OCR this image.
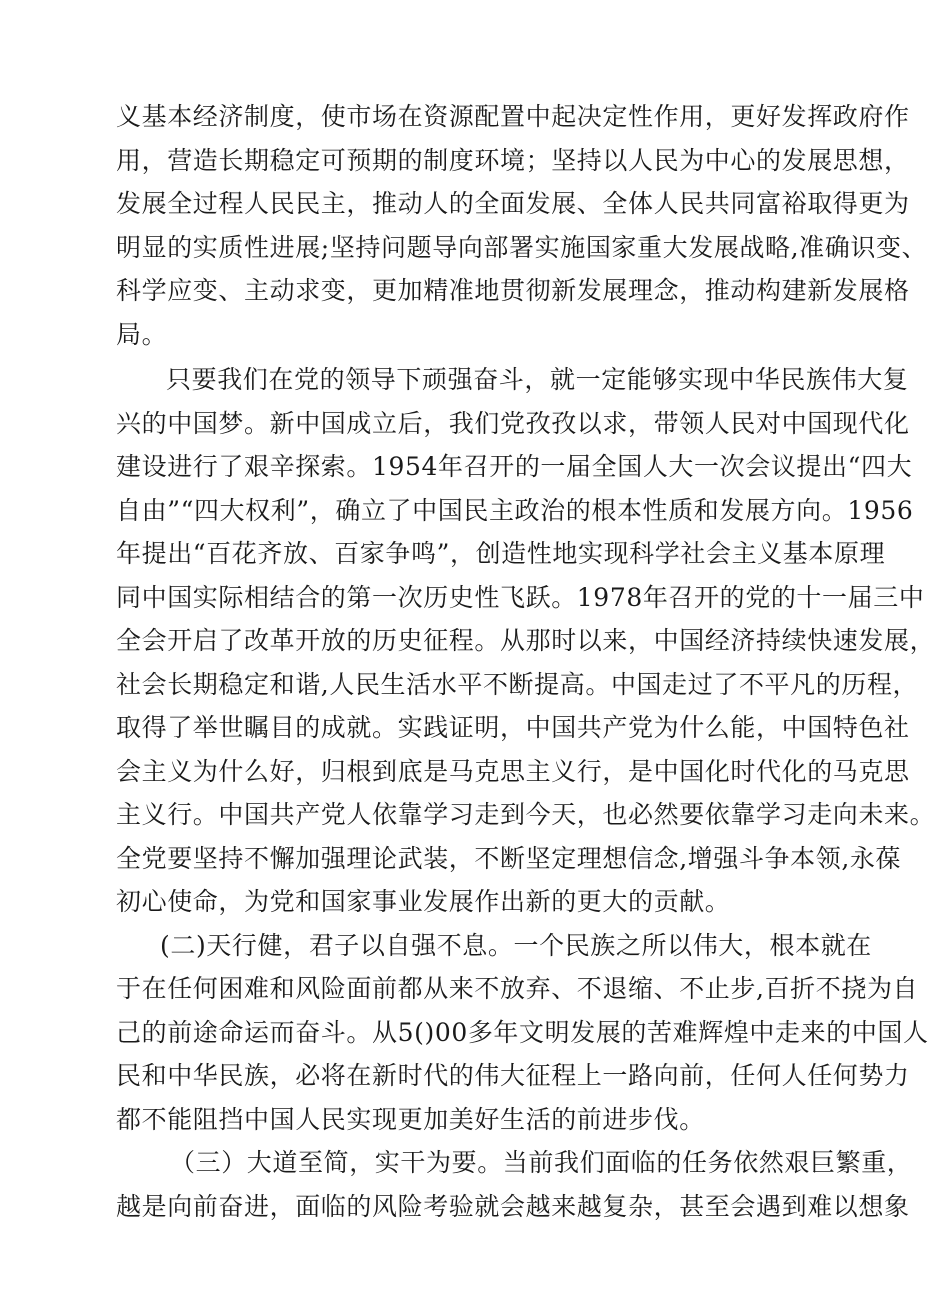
义基本经济制度，使市场在资源配置中起决定性作用，更好发挥政府作
用，营造长期稳定可预期的制度环境；坚持以人民为中心的发展思想，
发展全过程人民民主，推动人的全面发展、全体人民共同富裕取得更为
明显的实质性进展;坚持问题导向部署实施国家重大发展战略,准确识变、
科学应变、主动求变，更加精准地贯彻新发展理念，推动构建新发展格
局。
只要我们在党的领导下顽强奋斗，就一定能够实现中华民族伟大复
兴的中国梦。新中国成立后，我们党孜孜以求，带领人民对中国现代化
建设进行了艰辛探索。1954年召开的一届全国人大一次会议提出“四大
自由”“四大权利”，确立了中国民主政治的根本性质和发展方向。1956
年提出“百花齐放、百家争鸣”，创造性地实现科学社会主义基本原理
同中国实际相结合的第一次历史性飞跃。1978年召开的党的十一届三中
全会开启了改革开放的历史征程。从那时以来，中国经济持续快速发展，
社会长期稳定和谐,人民生活水平不断提高。中国走过了不平凡的历程，
取得了举世瞩目的成就。实践证明，中国共产党为什么能，中国特色社
会主义为什么好，归根到底是马克思主义行，是中国化时代化的马克思
主义行。中国共产党人依靠学习走到今天，也必然要依靠学习走向未来。
全党要坚持不懈加强理论武装，不断坚定理想信念,增强斗争本领,永葆
初心使命，为党和国家事业发展作出新的更大的贡献。
(二)天行健，君子以自强不息。一个民族之所以伟大，根本就在
于在任何困难和风险面前都从来不放弃、不退缩、不止步,百折不挠为自
己的前途命运而奋斗。从5()00多年文明发展的苦难辉煌中走来的中国人
民和中华民族，必将在新时代的伟大征程上一路向前，任何人任何势力
都不能阻挡中国人民实现更加美好生活的前进步伐。
（三）大道至简，实干为要。当前我们面临的任务依然艰巨繁重，
越是向前奋进，面临的风险考验就会越来越复杂，甚至会遇到难以想象
